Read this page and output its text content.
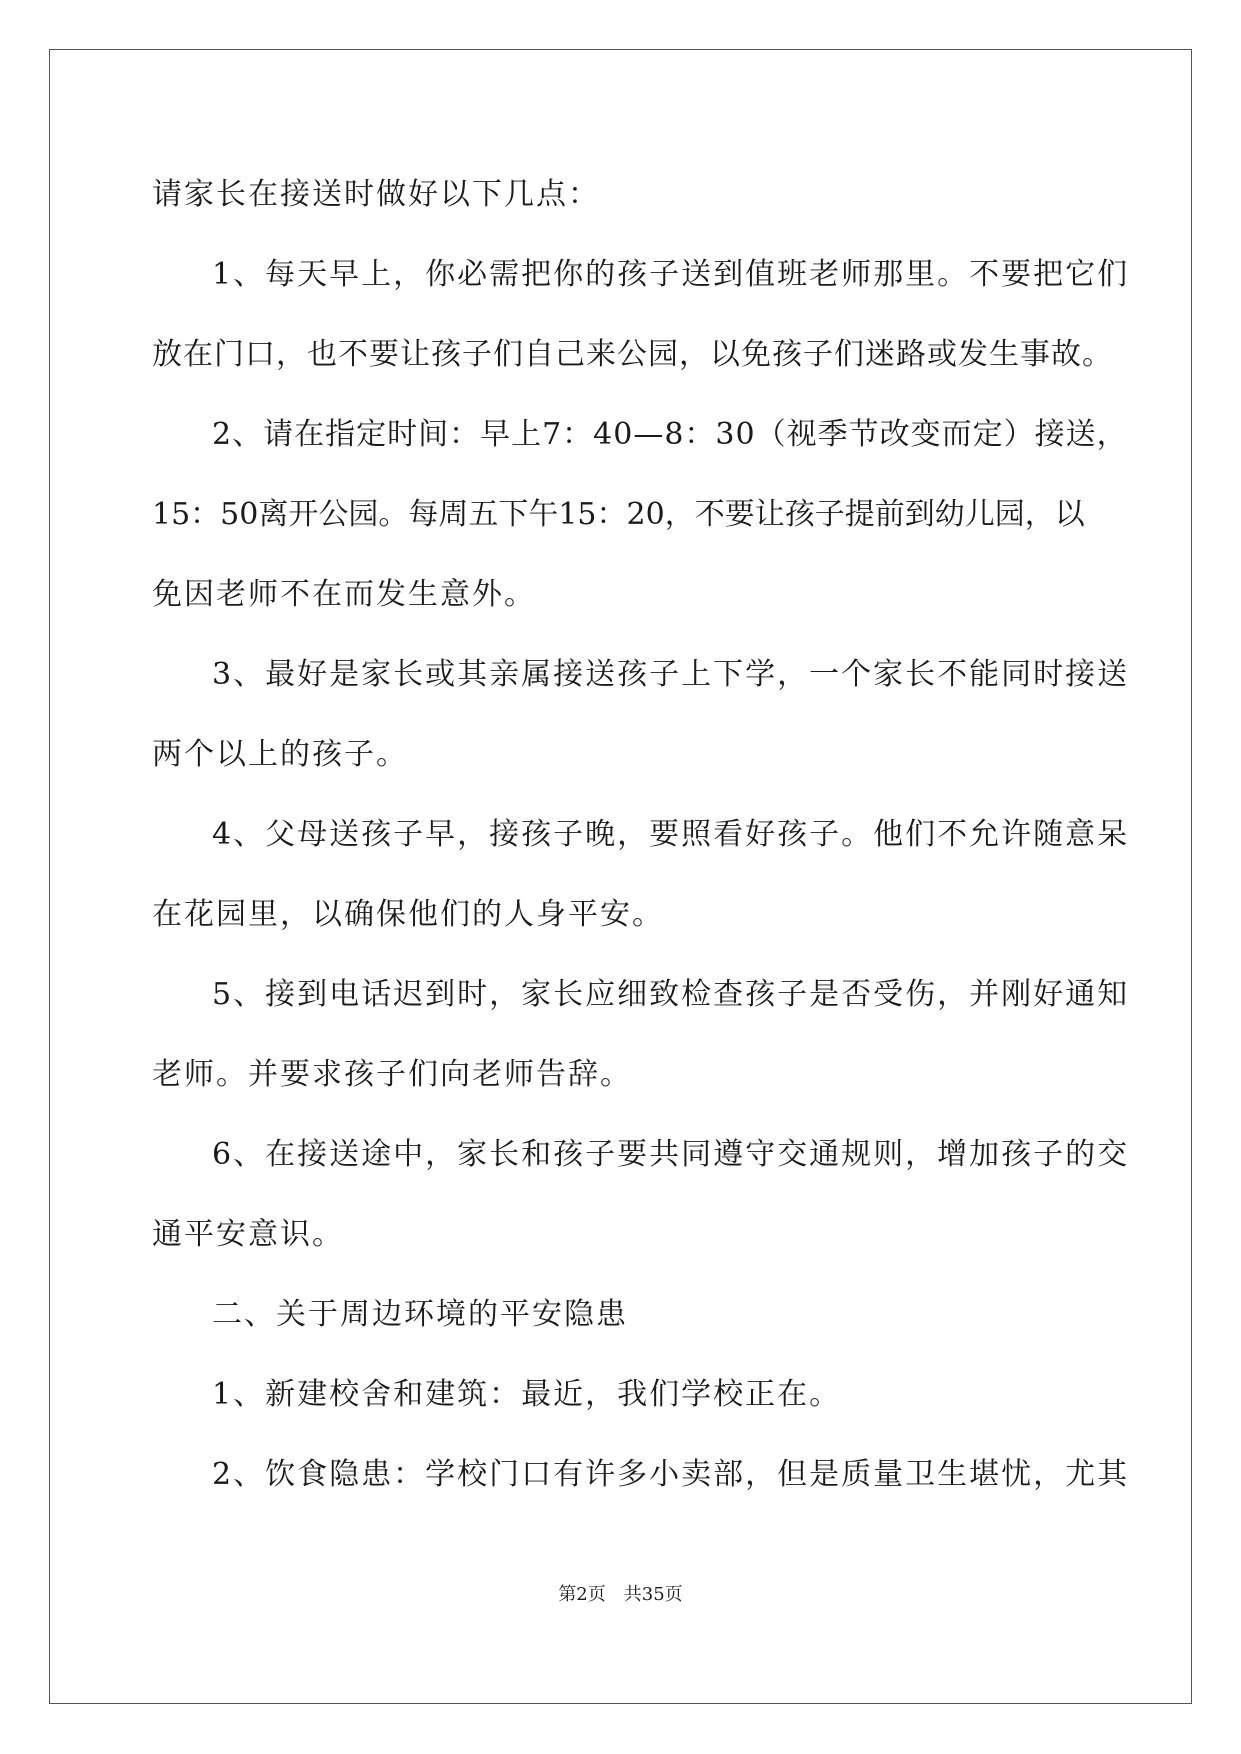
请家长在接送时做好以下几点：
1、每天早上，你必需把你的孩子送到值班老师那里。不要把它们
放在门口，也不要让孩子们自己来公园，以免孩子们迷路或发生事故。
2、请在指定时间：早上7：40—8：30（视季节改变而定）接送，
15：50离开公园。每周五下午15：20，不要让孩子提前到幼儿园，以
免因老师不在而发生意外。
3、最好是家长或其亲属接送孩子上下学，一个家长不能同时接送
两个以上的孩子。
4、父母送孩子早，接孩子晚，要照看好孩子。他们不允许随意呆
在花园里，以确保他们的人身平安。
5、接到电话迟到时，家长应细致检查孩子是否受伤，并刚好通知
老师。并要求孩子们向老师告辞。
6、在接送途中，家长和孩子要共同遵守交通规则，增加孩子的交
通平安意识。
二、关于周边环境的平安隐患
1、新建校舍和建筑：最近，我们学校正在。
2、饮食隐患：学校门口有许多小卖部，但是质量卫生堪忧，尤其
第2页　共35页
